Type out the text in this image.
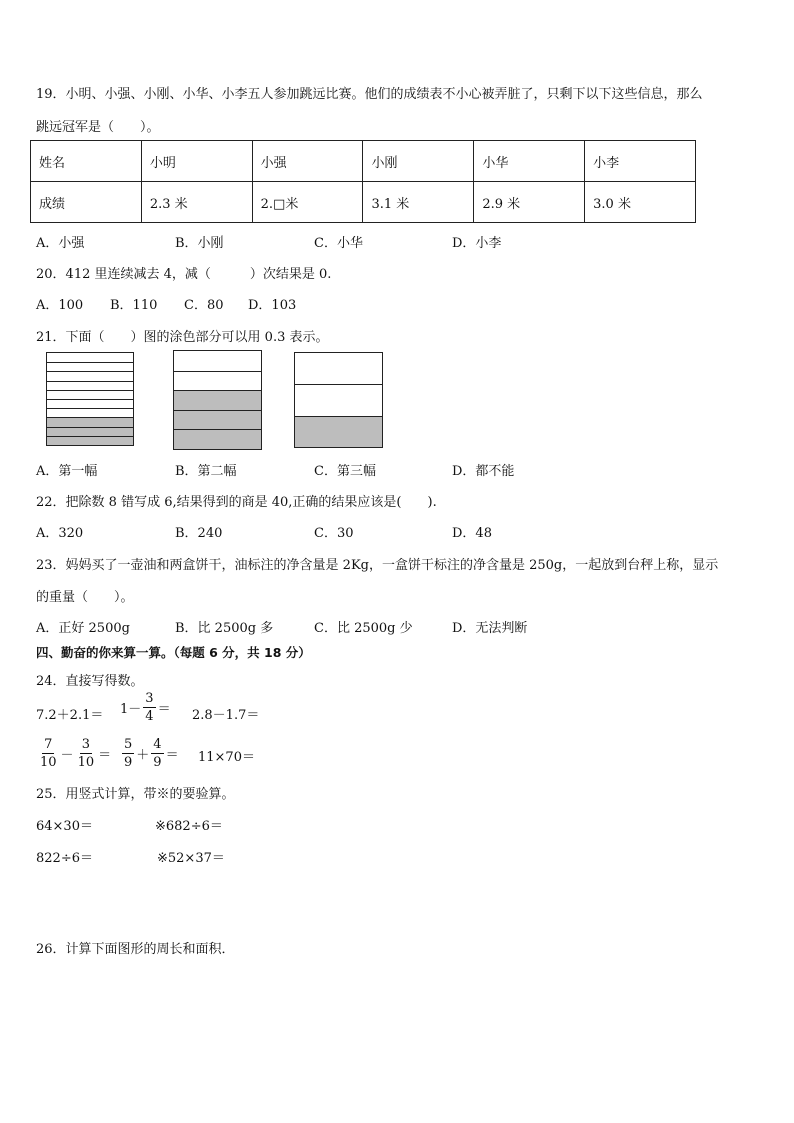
19．小明、小强、小刚、小华、小李五人参加跳远比赛。他们的成绩表不小心被弄脏了，只剩下以下这些信息，那么
跳远冠军是（　　）。
姓名	小明	小强	小刚	小华	小李
成绩	2.3 米	2.□米	3.1 米	2.9 米	3.0 米
A．小强	B．小刚	C．小华	D．小李
20．412 里连续减去 4，减（　　　）次结果是 0.
A．100 B．110 C．80 D．103
21．下面（　　）图的涂色部分可以用 0.3 表示。
A．第一幅	B．第二幅	C．第三幅	D．都不能
22．把除数 8 错写成 6,结果得到的商是 40,正确的结果应该是(　　).
A．320	B．240	C．30	D．48
23．妈妈买了一壶油和两盒饼干，油标注的净含量是 2Kg，一盒饼干标注的净含量是 250g，一起放到台秤上称，显示
的重量（　　）。
A．正好 2500g	B．比 2500g 多	C．比 2500g 少	D．无法判断
四、勤奋的你来算一算。（每题 6 分，共 18 分）
24．直接写得数。
$7.2+2.1= 1- \frac{3}{4} = 2.8-1.7=$
$\frac{7}{10} - \frac{3}{10} = \frac{5}{9} + \frac{4}{9} = 11\times 70=$
25．用竖式计算，带※的要验算。
64×30＝	※682÷6＝
822÷6＝	※52×37＝
26．计算下面图形的周长和面积．
